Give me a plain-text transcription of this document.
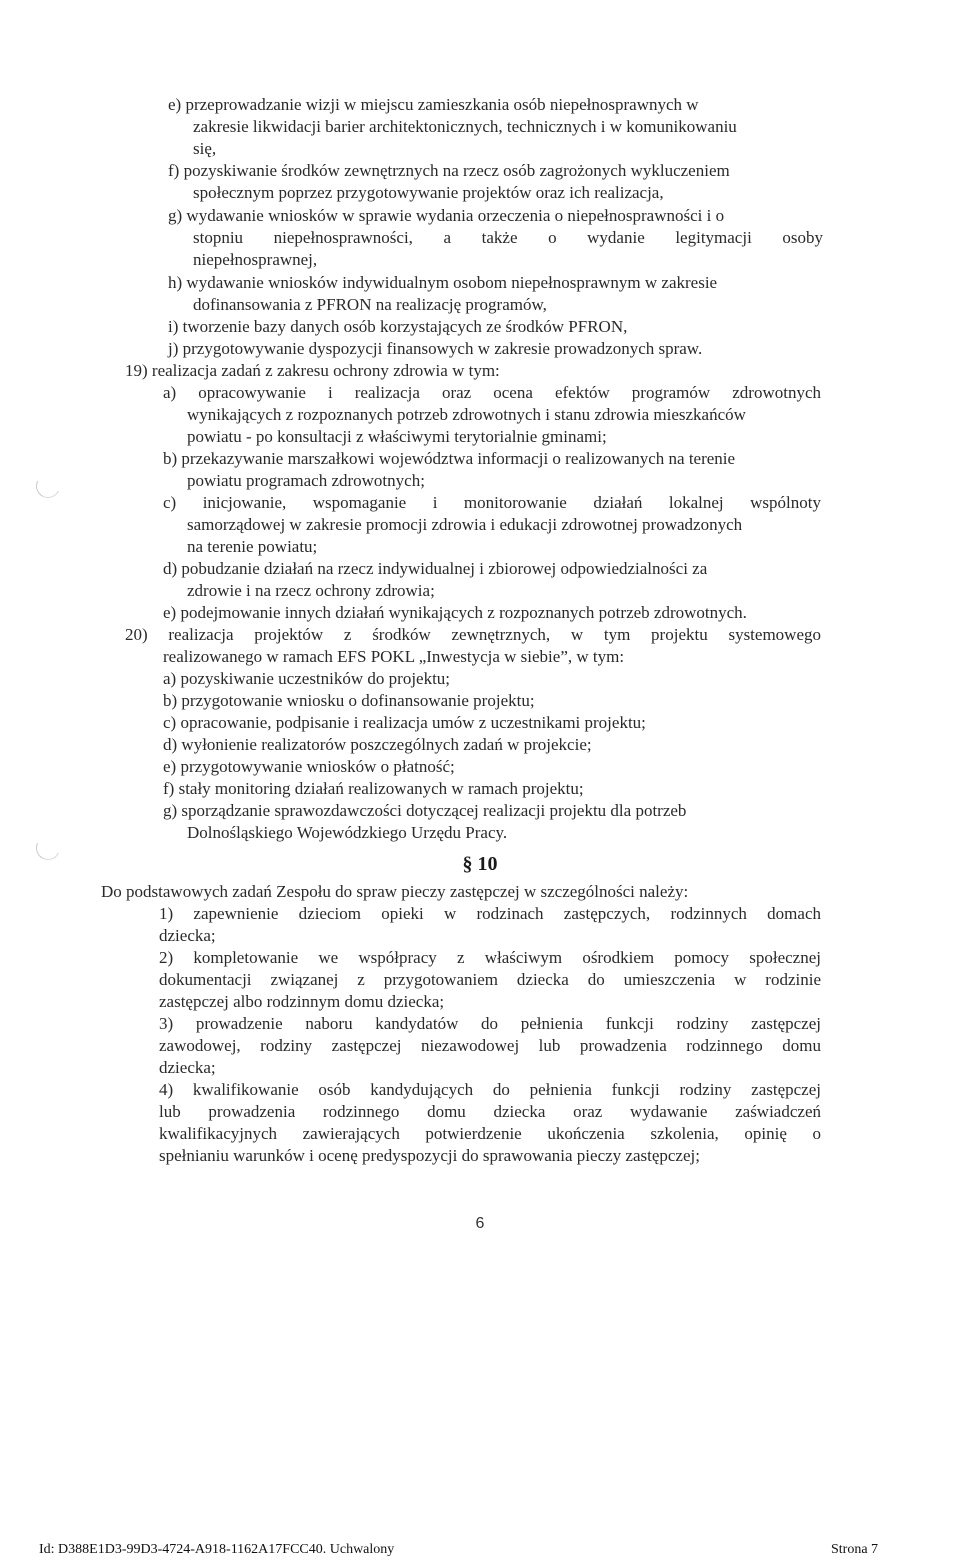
e) przeprowadzanie wizji w miejscu zamieszkania osób niepełnosprawnych w
zakresie likwidacji barier architektonicznych, technicznych i w komunikowaniu
się,
f) pozyskiwanie środków zewnętrznych na rzecz osób zagrożonych wykluczeniem
społecznym poprzez przygotowywanie projektów oraz ich realizacja,
g) wydawanie wniosków w sprawie wydania orzeczenia o niepełnosprawności i o
stopniu niepełnosprawności, a także o wydanie legitymacji osoby
niepełnosprawnej,
h) wydawanie wniosków indywidualnym osobom niepełnosprawnym w zakresie
dofinansowania z PFRON na realizację programów,
i) tworzenie bazy danych osób korzystających ze środków PFRON,
j) przygotowywanie dyspozycji finansowych w zakresie prowadzonych spraw.
19) realizacja zadań z zakresu ochrony zdrowia w tym:
a) opracowywanie i realizacja oraz ocena efektów programów zdrowotnych
wynikających z rozpoznanych potrzeb zdrowotnych i stanu zdrowia mieszkańców
powiatu - po konsultacji z właściwymi terytorialnie gminami;
b) przekazywanie marszałkowi województwa informacji o realizowanych na terenie
powiatu programach zdrowotnych;
c) inicjowanie, wspomaganie i monitorowanie działań lokalnej wspólnoty
samorządowej w zakresie promocji zdrowia i edukacji zdrowotnej prowadzonych
na terenie powiatu;
d) pobudzanie działań na rzecz indywidualnej i zbiorowej odpowiedzialności za
zdrowie i na rzecz ochrony zdrowia;
e) podejmowanie innych działań wynikających z rozpoznanych potrzeb zdrowotnych.
20) realizacja projektów z środków zewnętrznych, w tym projektu systemowego
realizowanego w ramach EFS POKL „Inwestycja w siebie”, w tym:
a) pozyskiwanie uczestników do projektu;
b) przygotowanie wniosku o dofinansowanie projektu;
c) opracowanie, podpisanie i realizacja umów z uczestnikami projektu;
d) wyłonienie realizatorów poszczególnych zadań w projekcie;
e) przygotowywanie wniosków o płatność;
f) stały monitoring działań realizowanych w ramach projektu;
g) sporządzanie sprawozdawczości dotyczącej realizacji projektu dla potrzeb
Dolnośląskiego Wojewódzkiego Urzędu Pracy.
§ 10
Do podstawowych zadań Zespołu do spraw pieczy zastępczej w szczególności należy:
1) zapewnienie dzieciom opieki w rodzinach zastępczych, rodzinnych domach
dziecka;
2) kompletowanie we współpracy z właściwym ośrodkiem pomocy społecznej
dokumentacji związanej z przygotowaniem dziecka do umieszczenia w rodzinie
zastępczej albo rodzinnym domu dziecka;
3) prowadzenie naboru kandydatów do pełnienia funkcji rodziny zastępczej
zawodowej, rodziny zastępczej niezawodowej lub prowadzenia rodzinnego domu
dziecka;
4) kwalifikowanie osób kandydujących do pełnienia funkcji rodziny zastępczej
lub prowadzenia rodzinnego domu dziecka oraz wydawanie zaświadczeń
kwalifikacyjnych zawierających potwierdzenie ukończenia szkolenia, opinię o
spełnianiu warunków i ocenę predyspozycji do sprawowania pieczy zastępczej;
6
Id: D388E1D3-99D3-4724-A918-1162A17FCC40. Uchwalony	Strona 7
